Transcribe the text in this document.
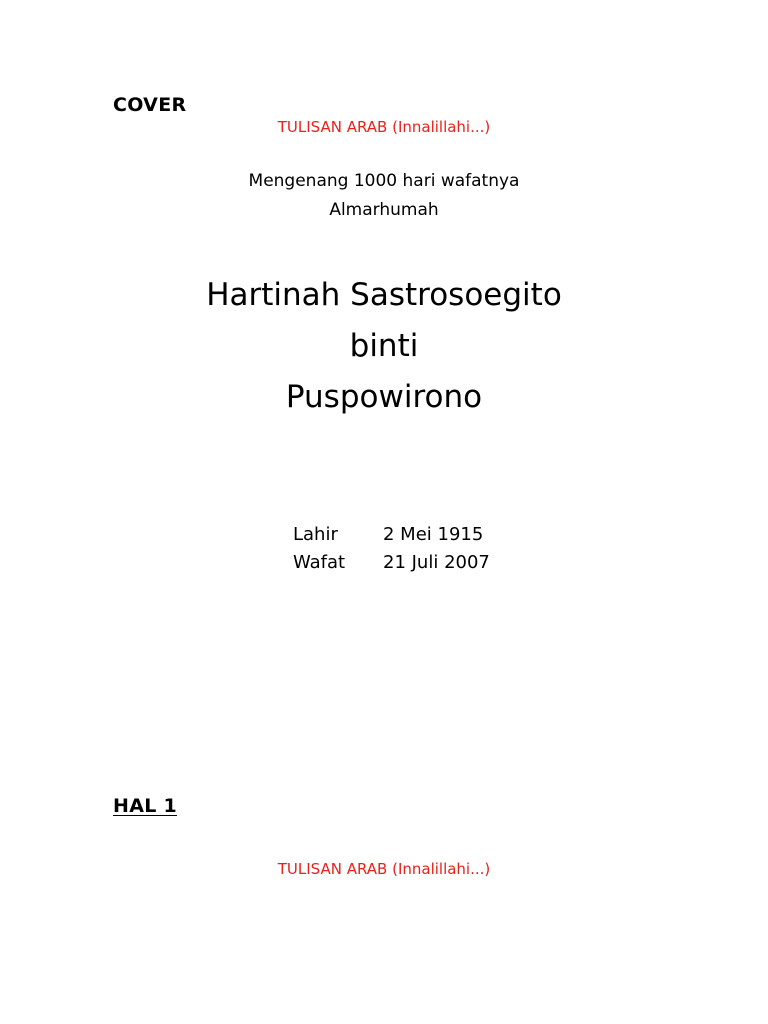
COVER
TULISAN ARAB (Innalillahi...)
Mengenang 1000 hari wafatnya
Almarhumah
Hartinah Sastrosoegito
binti
Puspowirono
Lahir	2 Mei 1915
Wafat 21 Juli 2007
HAL 1
TULISAN ARAB (Innalillahi...)
